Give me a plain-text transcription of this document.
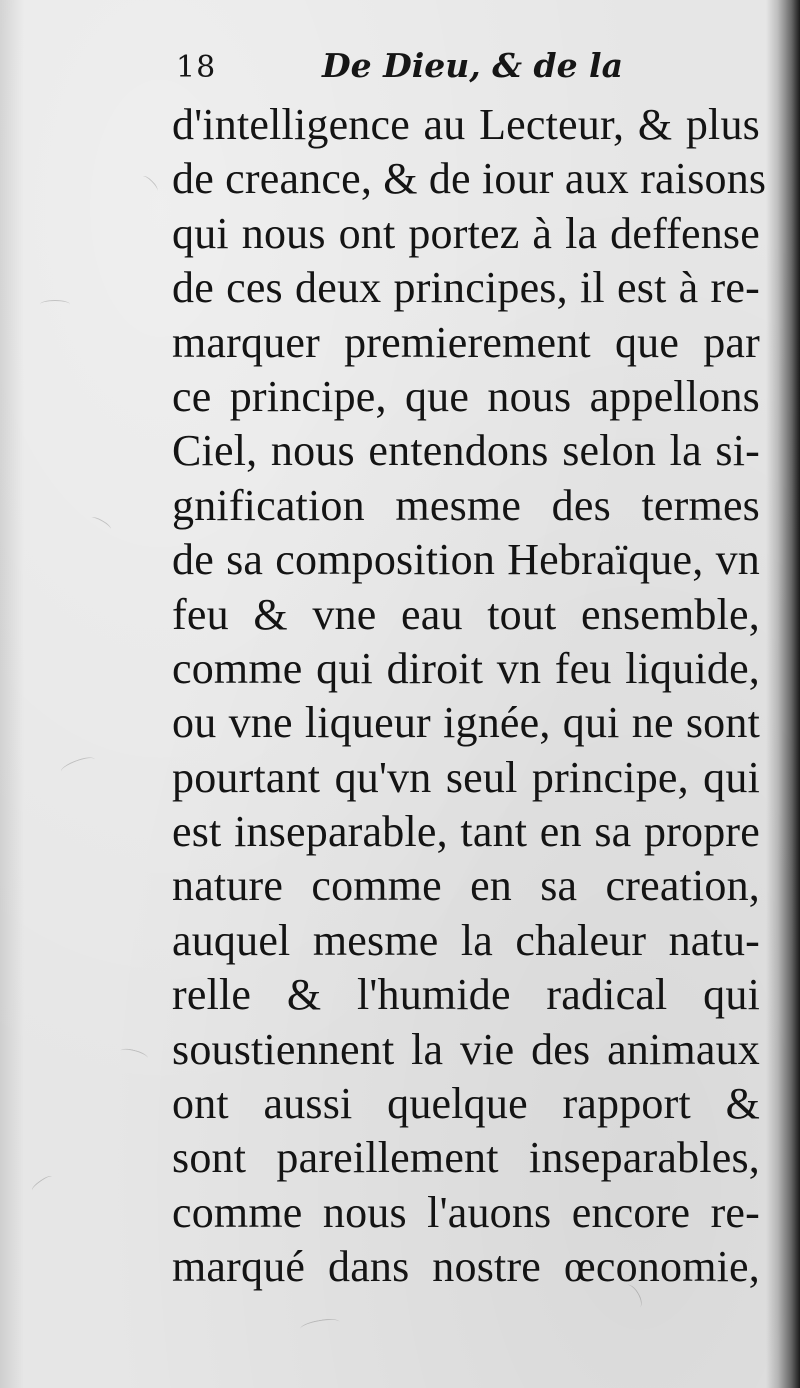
18	De Dieu, & de la
d'intelligence au Lecteur, & plus
de creance, & de iour aux raisons
qui nous ont portez à la deffense
de ces deux principes, il est à re-
marquer premierement que par
ce principe, que nous appellons
Ciel, nous entendons selon la si-
gnification mesme des termes
de sa composition Hebraïque, vn
feu & vne eau tout ensemble,
comme qui diroit vn feu liquide,
ou vne liqueur ignée, qui ne sont
pourtant qu'vn seul principe, qui
est inseparable, tant en sa propre
nature comme en sa creation,
auquel mesme la chaleur natu-
relle & l'humide radical qui
soustiennent la vie des animaux
ont aussi quelque rapport &
sont pareillement inseparables,
comme nous l'auons encore re-
marqué dans nostre œconomie,
